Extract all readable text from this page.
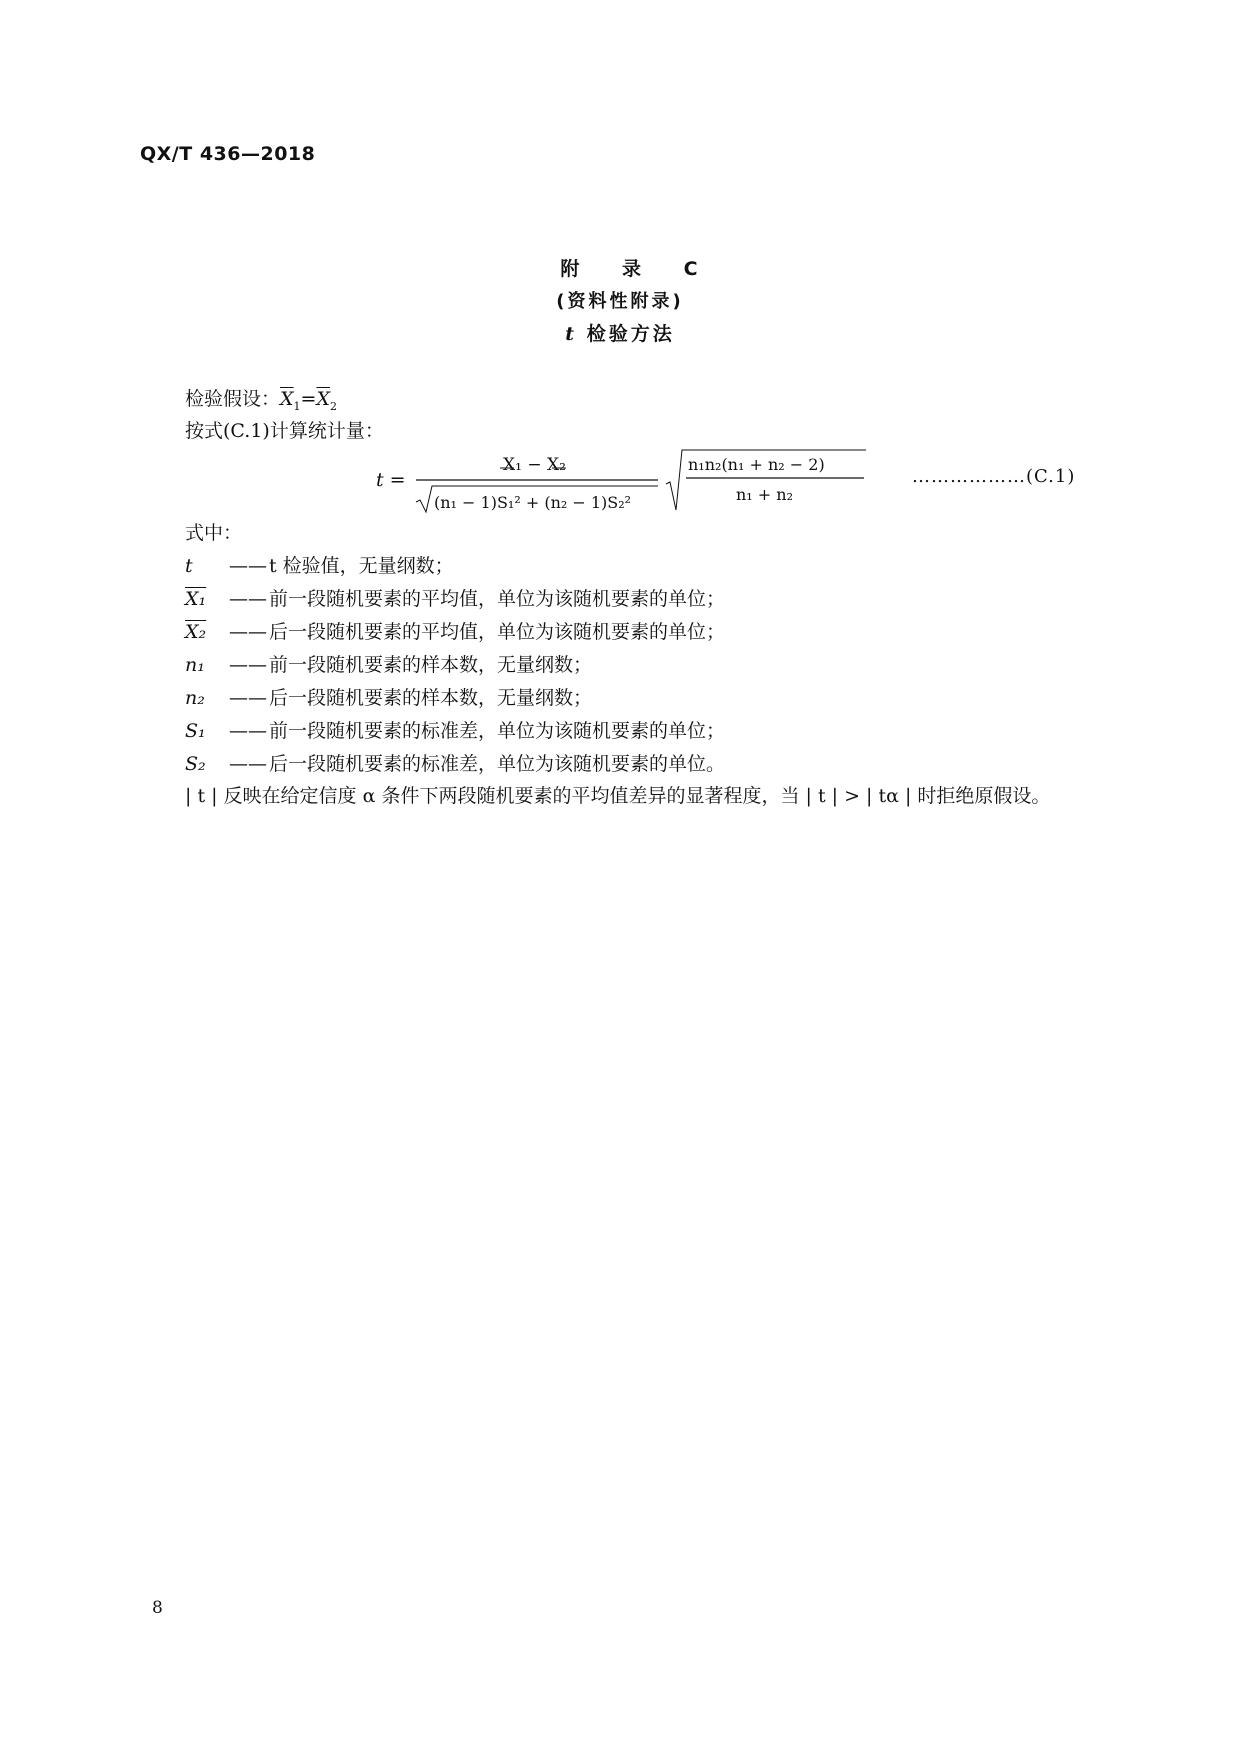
QX/T 436—2018
附 录 C
(资料性附录)
t 检验方法
检验假设：$\overline{X}_1=\overline{X}_2$
按式(C.1)计算统计量：
t =
X₁ − X₂
(n₁ − 1)S₁² + (n₂ − 1)S₂²
n₁n₂(n₁ + n₂ − 2)
n₁ + n₂
………………(C.1)
式中：
t —— t 检验值，无量纲数；
X₁ —— 前一段随机要素的平均值，单位为该随机要素的单位；
X₂ —— 后一段随机要素的平均值，单位为该随机要素的单位；
n₁ —— 前一段随机要素的样本数，无量纲数；
n₂ —— 后一段随机要素的样本数，无量纲数；
S₁ —— 前一段随机要素的标准差，单位为该随机要素的单位；
S₂ —— 后一段随机要素的标准差，单位为该随机要素的单位。
| t | 反映在给定信度 α 条件下两段随机要素的平均值差异的显著程度，当 | t | > | tα | 时拒绝原假设。
8
